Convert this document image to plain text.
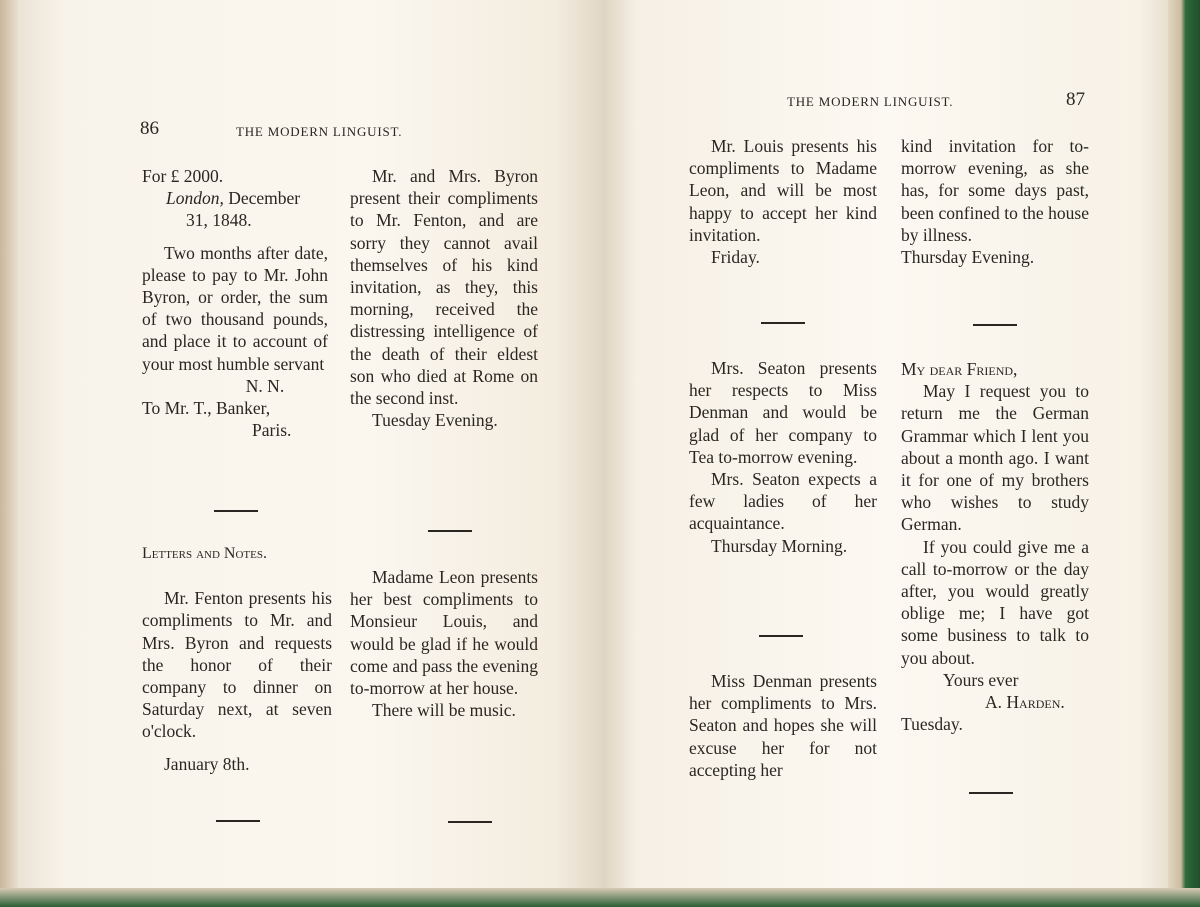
86	THE MODERN LINGUIST.

For £ 2000.

London, December

31, 1848.

Two months after date, please to pay to Mr. John Byron, or order, the sum of two thousand pounds, and place it to account of your most humble servant

N. N.

To Mr. T., Banker,

Paris.

Letters and Notes.

Mr. Fenton presents his compliments to Mr. and Mrs. Byron and requests the honor of their company to dinner on Saturday next, at seven o'clock.

January 8th.

Mr. and Mrs. Byron present their compliments to Mr. Fenton, and are sorry they cannot avail themselves of his kind invitation, as they, this morning, received the distressing intelligence of the death of their eldest son who died at Rome on the second inst.

Tuesday Evening.

Madame Leon presents her best compliments to Monsieur Louis, and would be glad if he would come and pass the evening to-morrow at her house.

There will be music.

THE MODERN LINGUIST.	87

Mr. Louis presents his compliments to Madame Leon, and will be most happy to accept her kind invitation.

Friday.

Mrs. Seaton presents her respects to Miss Denman and would be glad of her company to Tea to-morrow evening.

Mrs. Seaton expects a few ladies of her acquaintance.

Thursday Morning.

Miss Denman presents her compliments to Mrs. Seaton and hopes she will excuse her for not accepting her

kind invitation for to-morrow evening, as she has, for some days past, been confined to the house by illness.

Thursday Evening.

My dear Friend,

May I request you to return me the German Grammar which I lent you about a month ago. I want it for one of my brothers who wishes to study German.

If you could give me a call to-morrow or the day after, you would greatly oblige me; I have got some business to talk to you about.

Yours ever

A. Harden.

Tuesday.
